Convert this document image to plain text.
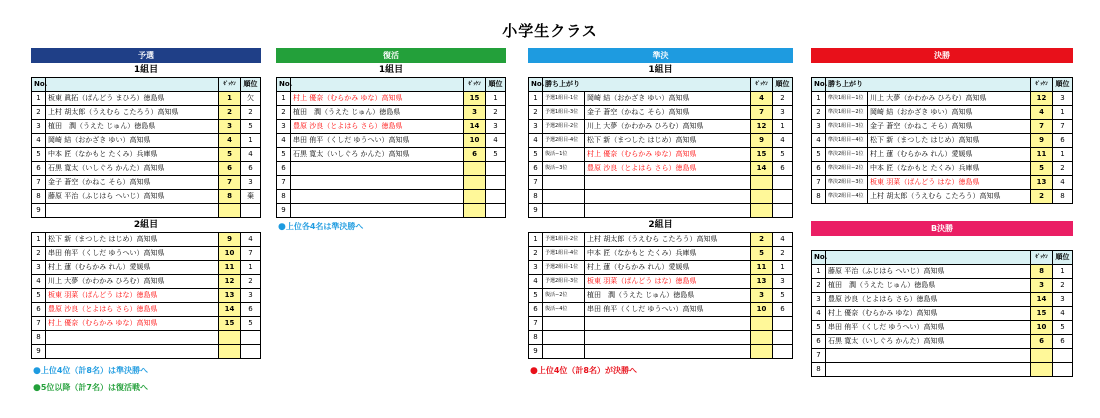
小学生クラス
予選
1組目
No.		ｾﾞｯｹﾝ	順位
1	板東 眞拓（ばんどう まひろ）徳島県	1	欠
2	上村 胡太郎（うえむら こたろう）高知県	2	2
3	植田　潤（うえた じゅん）徳島県	3	5
4	岡崎 結（おかざき ゆい）高知県	4	1
5	中本 匠（なかもと たくみ）兵庫県	5	4
6	石黒 寛太（いしぐろ かんた）高知県	6	6
7	金子 蒼空（かねこ そら）高知県	7	3
8	藤原 平治（ふじはら へいじ）高知県	8	棄
9			
2組目
1	松下 新（まつした はじめ）高知県	9	4
2	串田 侑平（くしだ ゆうへい）高知県	10	7
3	村上 蓮（むらかみ れん）愛媛県	11	1
4	川上 大夢（かわかみ ひろむ）高知県	12	2
5	板東 羽菜（ばんどう はな）徳島県	13	3
6	豊原 沙良（とよはら さら）徳島県	14	6
7	村上 優奈（むらかみ ゆな）高知県	15	5
8			
9			
●上位4位（計8名）は準決勝へ
●5位以降（計7名）は復活戦へ
復活
1組目
No.		ｾﾞｯｹﾝ	順位
1	村上 優奈（むらかみ ゆな）高知県	15	1
2	植田　潤（うえた じゅん）徳島県	3	2
3	豊原 沙良（とよはら さら）徳島県	14	3
4	串田 侑平（くしだ ゆうへい）高知県	10	4
5	石黒 寛太（いしぐろ かんた）高知県	6	5
6			
7			
8			
9			
●上位各4名は準決勝へ
準決
1組目
No.	勝ち上がり		ｾﾞｯｹﾝ	順位
1	予選1組目-1位	岡崎 結（おかざき ゆい）高知県	4	2
2	予選1組目-3位	金子 蒼空（かねこ そら）高知県	7	3
3	予選2組目-2位	川上 大夢（かわかみ ひろむ）高知県	12	1
4	予選2組目-4位	松下 新（まつした はじめ）高知県	9	4
5	復活−1位	村上 優奈（むらかみ ゆな）高知県	15	5
6	復活−3位	豊原 沙良（とよはら さら）徳島県	14	6
7				
8				
9				
2組目
1	予選1組目-2位	上村 胡太郎（うえむら こたろう）高知県	2	4
2	予選1組目-4位	中本 匠（なかもと たくみ）兵庫県	5	2
3	予選2組目-1位	村上 蓮（むらかみ れん）愛媛県	11	1
4	予選2組目-3位	板東 羽菜（ばんどう はな）徳島県	13	3
5	復活−2位	植田　潤（うえた じゅん）徳島県	3	5
6	復活−4位	串田 侑平（くしだ ゆうへい）高知県	10	6
7				
8				
9				
●上位4位（計8名）が決勝へ
決勝
No.	勝ち上がり		ｾﾞｯｹﾝ	順位
1	準決1組目−1位	川上 大夢（かわかみ ひろむ）高知県	12	3
2	準決1組目−2位	岡崎 結（おかざき ゆい）高知県	4	1
3	準決1組目−3位	金子 蒼空（かねこ そら）高知県	7	7
4	準決1組目−4位	松下 新（まつした はじめ）高知県	9	6
5	準決2組目−1位	村上 蓮（むらかみ れん）愛媛県	11	1
6	準決2組目−2位	中本 匠（なかもと たくみ）兵庫県	5	2
7	準決2組目−3位	板東 羽菜（ばんどう はな）徳島県	13	4
8	準決2組目−4位	上村 胡太郎（うえむら こたろう）高知県	2	8
B決勝
No.		ｾﾞｯｹﾝ	順位
1	藤原 平治（ふじはら へいじ）高知県	8	1
2	植田　潤（うえた じゅん）徳島県	3	2
3	豊原 沙良（とよはら さら）徳島県	14	3
4	村上 優奈（むらかみ ゆな）高知県	15	4
5	串田 侑平（くしだ ゆうへい）高知県	10	5
6	石黒 寛太（いしぐろ かんた）高知県	6	6
7			
8			
